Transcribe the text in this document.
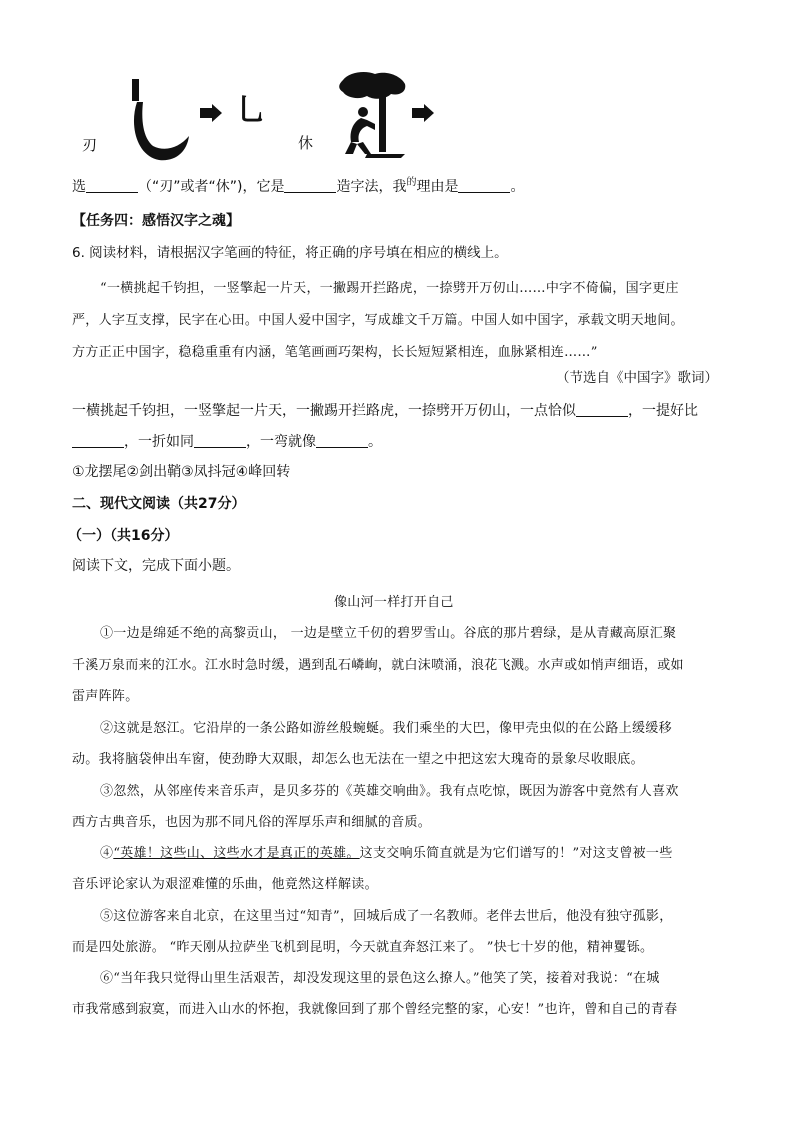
刃
乚
休
选	（“刃”或者“休”)，它是	造字法，我$^的$理由是	。
【任务四：感悟汉字之魂】
6. 阅读材料，请根据汉字笔画的特征，将正确的序号填在相应的横线上。
“一横挑起千钧担，一竖擎起一片天，一撇踢开拦路虎，一捺劈开万仞山……中字不倚偏，国字更庄
严，人字互支撑，民字在心田。中国人爱中国字，写成雄文千万篇。中国人如中国字，承载文明天地间。
方方正正中国字，稳稳重重有内涵，笔笔画画巧架构，长长短短紧相连，血脉紧相连……”
（节选自《中国字》歌词）
一横挑起千钧担，一竖擎起一片天，一撇踢开拦路虎，一捺劈开万仞山，一点恰似	，一提好比
，一折如同	，一弯就像	。
①龙摆尾②剑出鞘③凤抖冠④峰回转
二、现代文阅读（共27分）
（一）（共16分）
阅读下文，完成下面小题。
像山河一样打开自己
①一边是绵延不绝的高黎贡山， 一边是壁立千仞的碧罗雪山。谷底的那片碧绿，是从青藏高原汇聚
千溪万泉而来的江水。江水时急时缓，遇到乱石嶙峋，就白沫喷涌，浪花飞溅。水声或如悄声细语，或如
雷声阵阵。
②这就是怒江。它沿岸的一条公路如游丝般蜿蜒。我们乘坐的大巴，像甲壳虫似的在公路上缓缓移
动。我将脑袋伸出车窗，使劲睁大双眼，却怎么也无法在一望之中把这宏大瑰奇的景象尽收眼底。
③忽然，从邻座传来音乐声，是贝多芬的《英雄交响曲》。我有点吃惊，既因为游客中竟然有人喜欢
西方古典音乐，也因为那不同凡俗的浑厚乐声和细腻的音质。
④“英雄！这些山、这些水才是真正的英雄。这支交响乐简直就是为它们谱写的！”对这支曾被一些
音乐评论家认为艰涩难懂的乐曲，他竟然这样解读。
⑤这位游客来自北京，在这里当过“知青”，回城后成了一名教师。老伴去世后，他没有独守孤影，
而是四处旅游。 “昨天刚从拉萨坐飞机到昆明，今天就直奔怒江来了。 ”快七十岁的他，精神矍铄。
⑥“当年我只觉得山里生活艰苦，却没发现这里的景色这么撩人。”他笑了笑，接着对我说：“在城
市我常感到寂寞，而进入山水的怀抱，我就像回到了那个曾经完整的家，心安！”也许，曾和自己的青春
